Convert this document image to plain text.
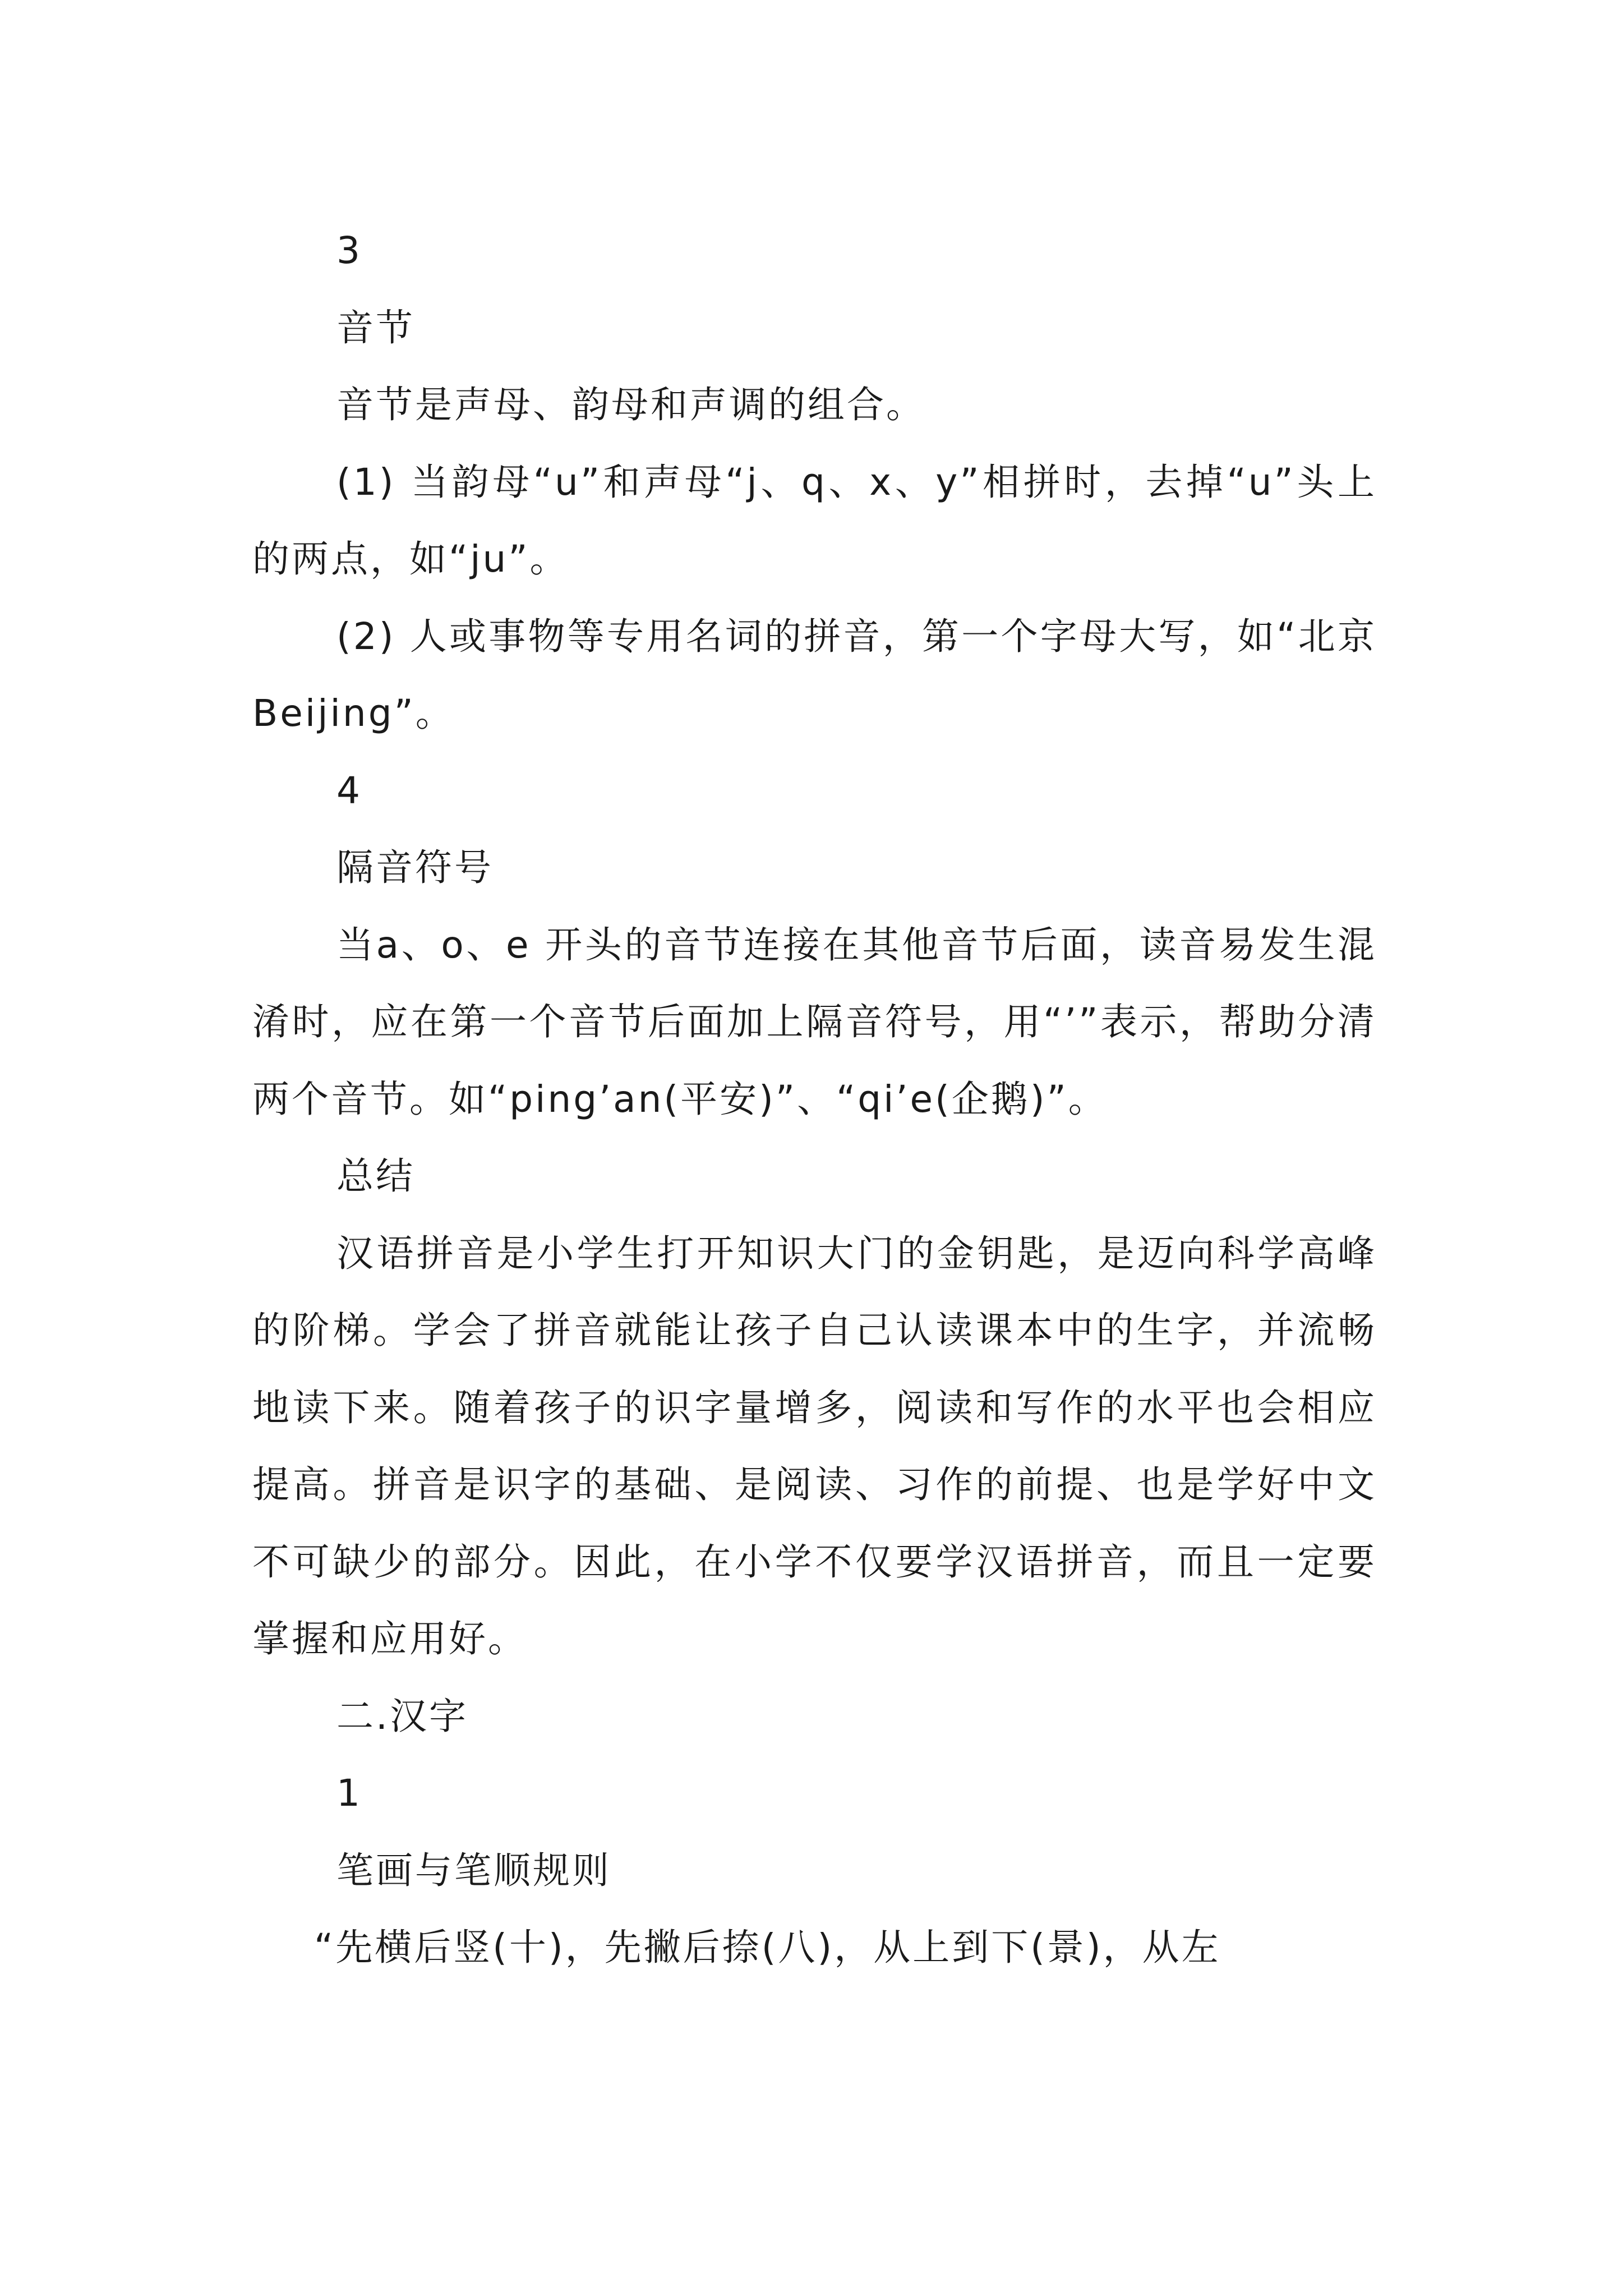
3
音节

音节是声母、韵母和声调的组合。

(1) 当韵母“u”和声母“j、q、x、y”相拼时，去掉“u”头上的两点，如“ju”。

(2) 人或事物等专用名词的拼音，第一个字母大写，如“北京 Beijing”。

4
隔音符号

当a、o、e 开头的音节连接在其他音节后面，读音易发生混淆时，应在第一个音节后面加上隔音符号，用“’”表示，帮助分清两个音节。如“ping’an(平安)”、“qi’e(企鹅)”。

总结

汉语拼音是小学生打开知识大门的金钥匙，是迈向科学高峰的阶梯。学会了拼音就能让孩子自己认读课本中的生字，并流畅地读下来。随着孩子的识字量增多，阅读和写作的水平也会相应提高。拼音是识字的基础、是阅读、习作的前提、也是学好中文不可缺少的部分。因此，在小学不仅要学汉语拼音，而且一定要掌握和应用好。

二.汉字
1
笔画与笔顺规则

“先横后竖(十)，先撇后捺(八)，从上到下(景)，从左
